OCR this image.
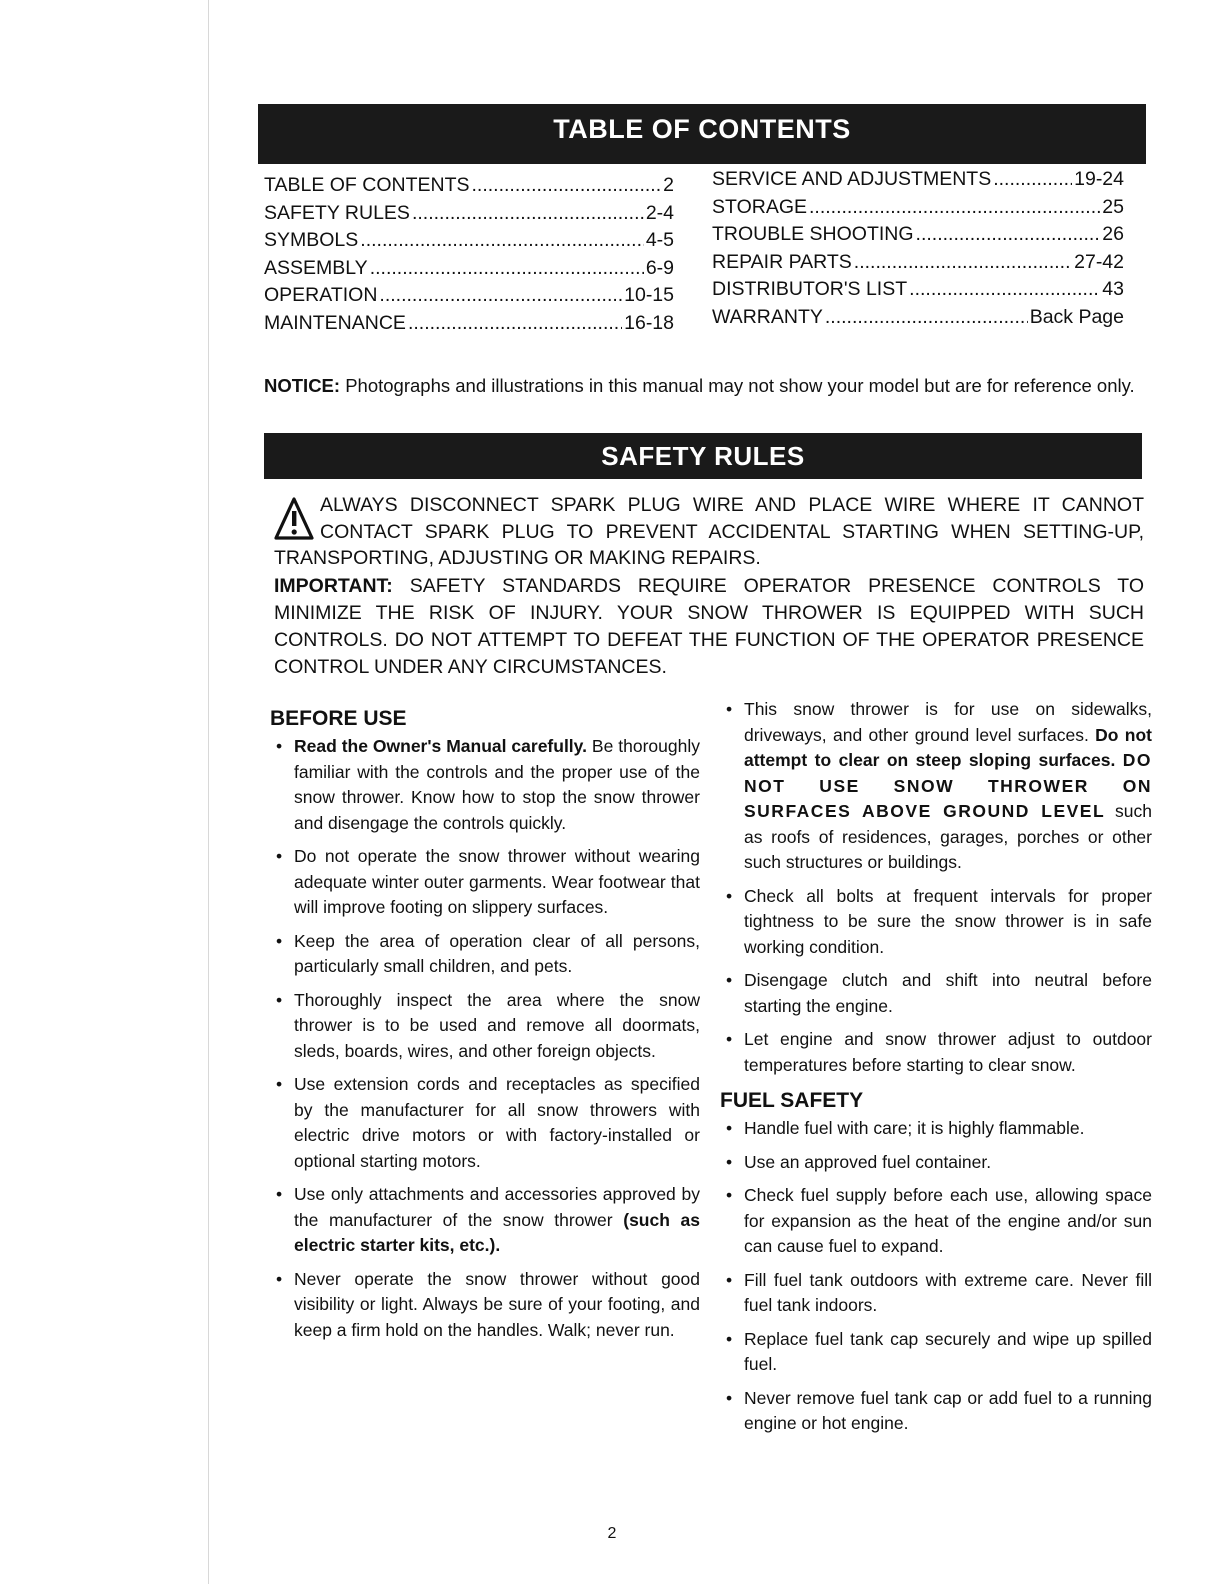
TABLE OF CONTENTS
TABLE OF CONTENTS .....	2
SAFETY RULES .....	2-4
SYMBOLS .....	4-5
ASSEMBLY .....	6-9
OPERATION .....	10-15
MAINTENANCE .....	16-18
SERVICE AND ADJUSTMENTS .....	19-24
STORAGE .....	25
TROUBLE SHOOTING .....	26
REPAIR PARTS .....	27-42
DISTRIBUTOR'S LIST .....	43
WARRANTY .....	Back Page
NOTICE: Photographs and illustrations in this manual may not show your model but are for reference only.
SAFETY RULES
ALWAYS DISCONNECT SPARK PLUG WIRE AND PLACE WIRE WHERE IT CANNOT CONTACT SPARK PLUG TO PREVENT ACCIDENTAL STARTING WHEN SETTING-UP, TRANSPORTING, ADJUSTING OR MAKING REPAIRS.
IMPORTANT: SAFETY STANDARDS REQUIRE OPERATOR PRESENCE CONTROLS TO MINIMIZE THE RISK OF INJURY. YOUR SNOW THROWER IS EQUIPPED WITH SUCH CONTROLS. DO NOT ATTEMPT TO DEFEAT THE FUNCTION OF THE OPERATOR PRESENCE CONTROL UNDER ANY CIRCUMSTANCES.
BEFORE USE
• Read the Owner's Manual carefully. Be thoroughly familiar with the controls and the proper use of the snow thrower. Know how to stop the snow thrower and disengage the controls quickly.
• Do not operate the snow thrower without wearing adequate winter outer garments. Wear footwear that will improve footing on slippery surfaces.
• Keep the area of operation clear of all persons, particularly small children, and pets.
• Thoroughly inspect the area where the snow thrower is to be used and remove all doormats, sleds, boards, wires, and other foreign objects.
• Use extension cords and receptacles as specified by the manufacturer for all snow throwers with electric drive motors or with factory-installed or optional starting motors.
• Use only attachments and accessories approved by the manufacturer of the snow thrower (such as electric starter kits, etc.).
• Never operate the snow thrower without good visibility or light. Always be sure of your footing, and keep a firm hold on the handles. Walk; never run.
• This snow thrower is for use on sidewalks, driveways, and other ground level surfaces. Do not attempt to clear on steep sloping surfaces. DO NOT USE SNOW THROWER ON SURFACES ABOVE GROUND LEVEL such as roofs of residences, garages, porches or other such structures or buildings.
• Check all bolts at frequent intervals for proper tightness to be sure the snow thrower is in safe working condition.
• Disengage clutch and shift into neutral before starting the engine.
• Let engine and snow thrower adjust to outdoor temperatures before starting to clear snow.
FUEL SAFETY
• Handle fuel with care; it is highly flammable.
• Use an approved fuel container.
• Check fuel supply before each use, allowing space for expansion as the heat of the engine and/or sun can cause fuel to expand.
• Fill fuel tank outdoors with extreme care. Never fill fuel tank indoors.
• Replace fuel tank cap securely and wipe up spilled fuel.
• Never remove fuel tank cap or add fuel to a running engine or hot engine.
2
